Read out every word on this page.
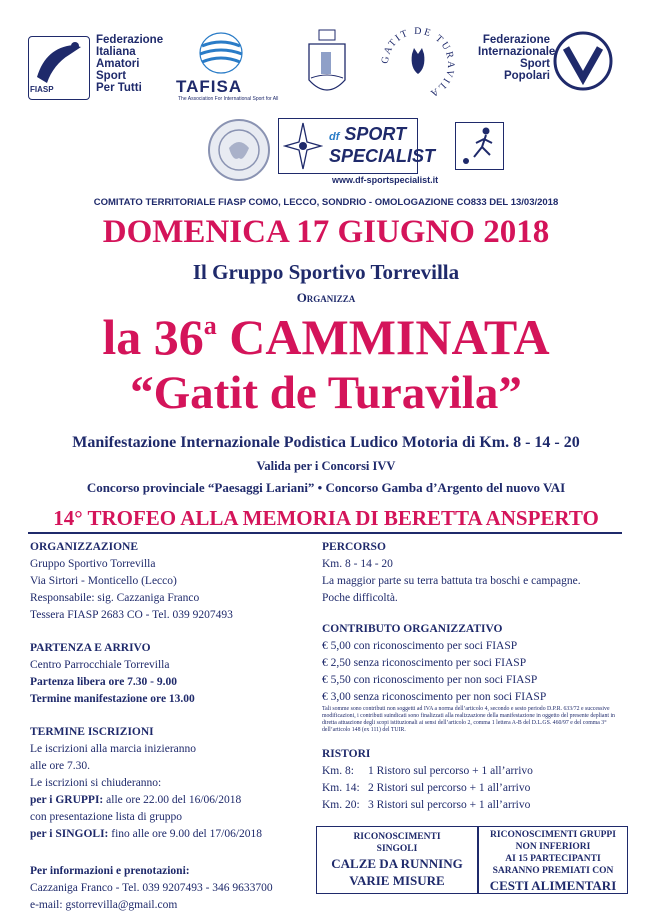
FIASP
Federazione
Italiana
Amatori
Sport
Per Tutti	TAFISA
The Association For International Sport for All
GATIT DE TURAVILA
Federazione
Internazionale
Sport
Popolari
df SPORT
SPECIALIST
www.df-sportspecialist.it
COMITATO TERRITORIALE FIASP COMO, LECCO, SONDRIO - OMOLOGAZIONE CO833 DEL 13/03/2018
DOMENICA 17 GIUGNO 2018
Il Gruppo Sportivo Torrevilla
Organizza
la 36$^a$ CAMMINATA
“Gatit de Turavila”
Manifestazione Internazionale Podistica Ludico Motoria di Km. 8 - 14 - 20
Valida per i Concorsi IVV
Concorso provinciale “Paesaggi Lariani” • Concorso Gamba d’Argento del nuovo VAI
14° TROFEO ALLA MEMORIA DI BERETTA ANSPERTO
ORGANIZZAZIONE
Gruppo Sportivo Torrevilla
Via Sirtori - Monticello (Lecco)
Responsabile: sig. Cazzaniga Franco
Tessera FIASP 2683 CO - Tel. 039 9207493
PARTENZA E ARRIVO
Centro Parrocchiale Torrevilla
Partenza libera ore 7.30 - 9.00
Termine manifestazione ore 13.00
TERMINE ISCRIZIONI
Le iscrizioni alla marcia inizieranno
alle ore 7.30.
Le iscrizioni si chiuderanno:
per i GRUPPI: alle ore 22.00 del 16/06/2018
con presentazione lista di gruppo
per i SINGOLI: fino alle ore 9.00 del 17/06/2018
Per informazioni e prenotazioni:
Cazzaniga Franco - Tel. 039 9207493 - 346 9633700
e-mail: gstorrevilla@gmail.com
PERCORSO
Km. 8 - 14 - 20
La maggior parte su terra battuta tra boschi e campagne.
Poche difficoltà.
CONTRIBUTO ORGANIZZATIVO
€ 5,00 con riconoscimento per soci FIASP
€ 2,50 senza riconoscimento per soci FIASP
€ 5,50 con riconoscimento per non soci FIASP
€ 3,00 senza riconoscimento per non soci FIASP
Tali somme sono contributi non soggetti ad IVA a norma dell’articolo 4, secondo e sesto periodo D.P.R. 633/72 e successive modificazioni, i contributi suindicati sono finalizzati alla realizzazione della manifestazione in oggetto del presente depliant in diretta attuazione degli scopi istituzionali ai sensi dell’articolo 2, comma 1 lettera A-B del D.L.GS. 460/97 e del comma 3° dell’articolo 148 (ex 111) del TUIR.
RISTORI
Km. 8: 1 Ristoro sul percorso + 1 all’arrivo
Km. 14: 2 Ristori sul percorso + 1 all’arrivo
Km. 20: 3 Ristori sul percorso + 1 all’arrivo
RICONOSCIMENTI
SINGOLI
CALZE DA RUNNING
VARIE MISURE
RICONOSCIMENTI GRUPPI
NON INFERIORI
AI 15 PARTECIPANTI
SARANNO PREMIATI CON
CESTI ALIMENTARI
